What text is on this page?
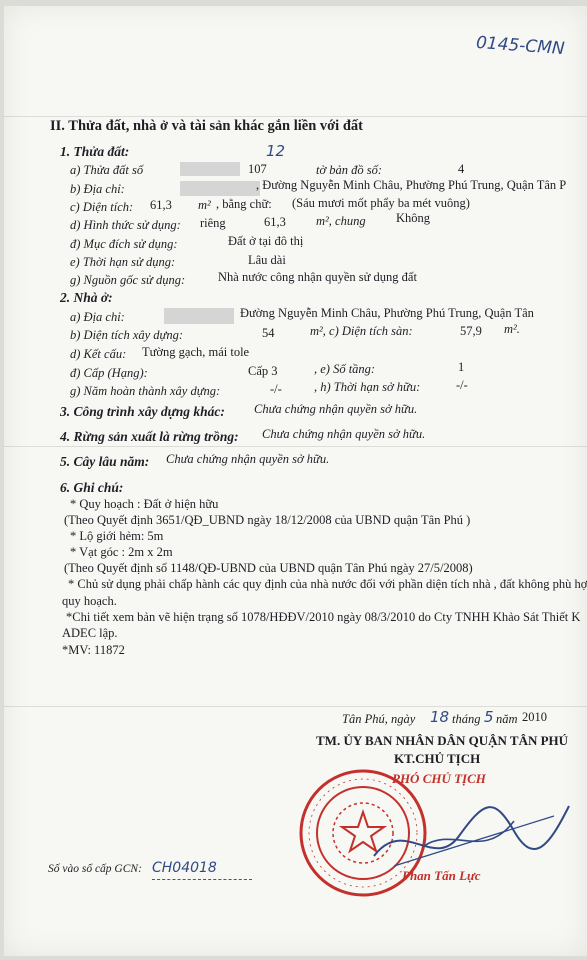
0145-CMN
II. Thửa đất, nhà ở và tài sản khác gắn liền với đất
1. Thửa đất:
a) Thửa đất số	107
12
tờ bản đồ số:	4
b) Địa chỉ:	, Đường Nguyễn Minh Châu, Phường Phú Trung, Quận Tân P
c) Diện tích: 61,3 m² , bằng chữ: (Sáu mươi mốt phẩy ba mét vuông)
d) Hình thức sử dụng: riêng	61,3 m², chung Không
đ) Mục đích sử dụng:	Đất ở tại đô thị
e) Thời hạn sử dụng:	Lâu dài
g) Nguồn gốc sử dụng:	Nhà nước công nhận quyền sử dụng đất
2. Nhà ở:
a) Địa chỉ:	Đường Nguyễn Minh Châu, Phường Phú Trung, Quận Tân
b) Diện tích xây dựng:	54	m², c) Diện tích sàn:	57,9 m².
d) Kết cấu: Tường gạch, mái tole
đ) Cấp (Hạng):	Cấp 3	, e) Số tầng:	1
g) Năm hoàn thành xây dựng:	-/-	, h) Thời hạn sở hữu:	-/-
3. Công trình xây dựng khác: Chưa chứng nhận quyền sở hữu.
4. Rừng sản xuất là rừng trồng: Chưa chứng nhận quyền sở hữu.
5. Cây lâu năm: Chưa chứng nhận quyền sở hữu.
6. Ghi chú:
* Quy hoạch : Đất ở hiện hữu
(Theo Quyết định 3651/QĐ_UBND ngày 18/12/2008 của UBND quận Tân Phú )
* Lộ giới hẻm: 5m
* Vạt góc : 2m x 2m
(Theo Quyết định số 1148/QĐ-UBND của UBND quận Tân Phú ngày 27/5/2008)
* Chủ sử dụng phải chấp hành các quy định của nhà nước đối với phần diện tích nhà , đất không phù hợ
quy hoạch.
*Chi tiết xem bản vẽ hiện trạng số 1078/HĐĐV/2010 ngày 08/3/2010 do Cty TNHH Khảo Sát Thiết K
ADEC lập.
*MV: 11872
Tân Phú, ngày 18 tháng 5 năm 2010
TM. ỦY BAN NHÂN DÂN QUẬN TÂN PHÚ
KT.CHỦ TỊCH
PHÓ CHỦ TỊCH
Phan Tấn Lực
Số vào sổ cấp GCN: CH04018
